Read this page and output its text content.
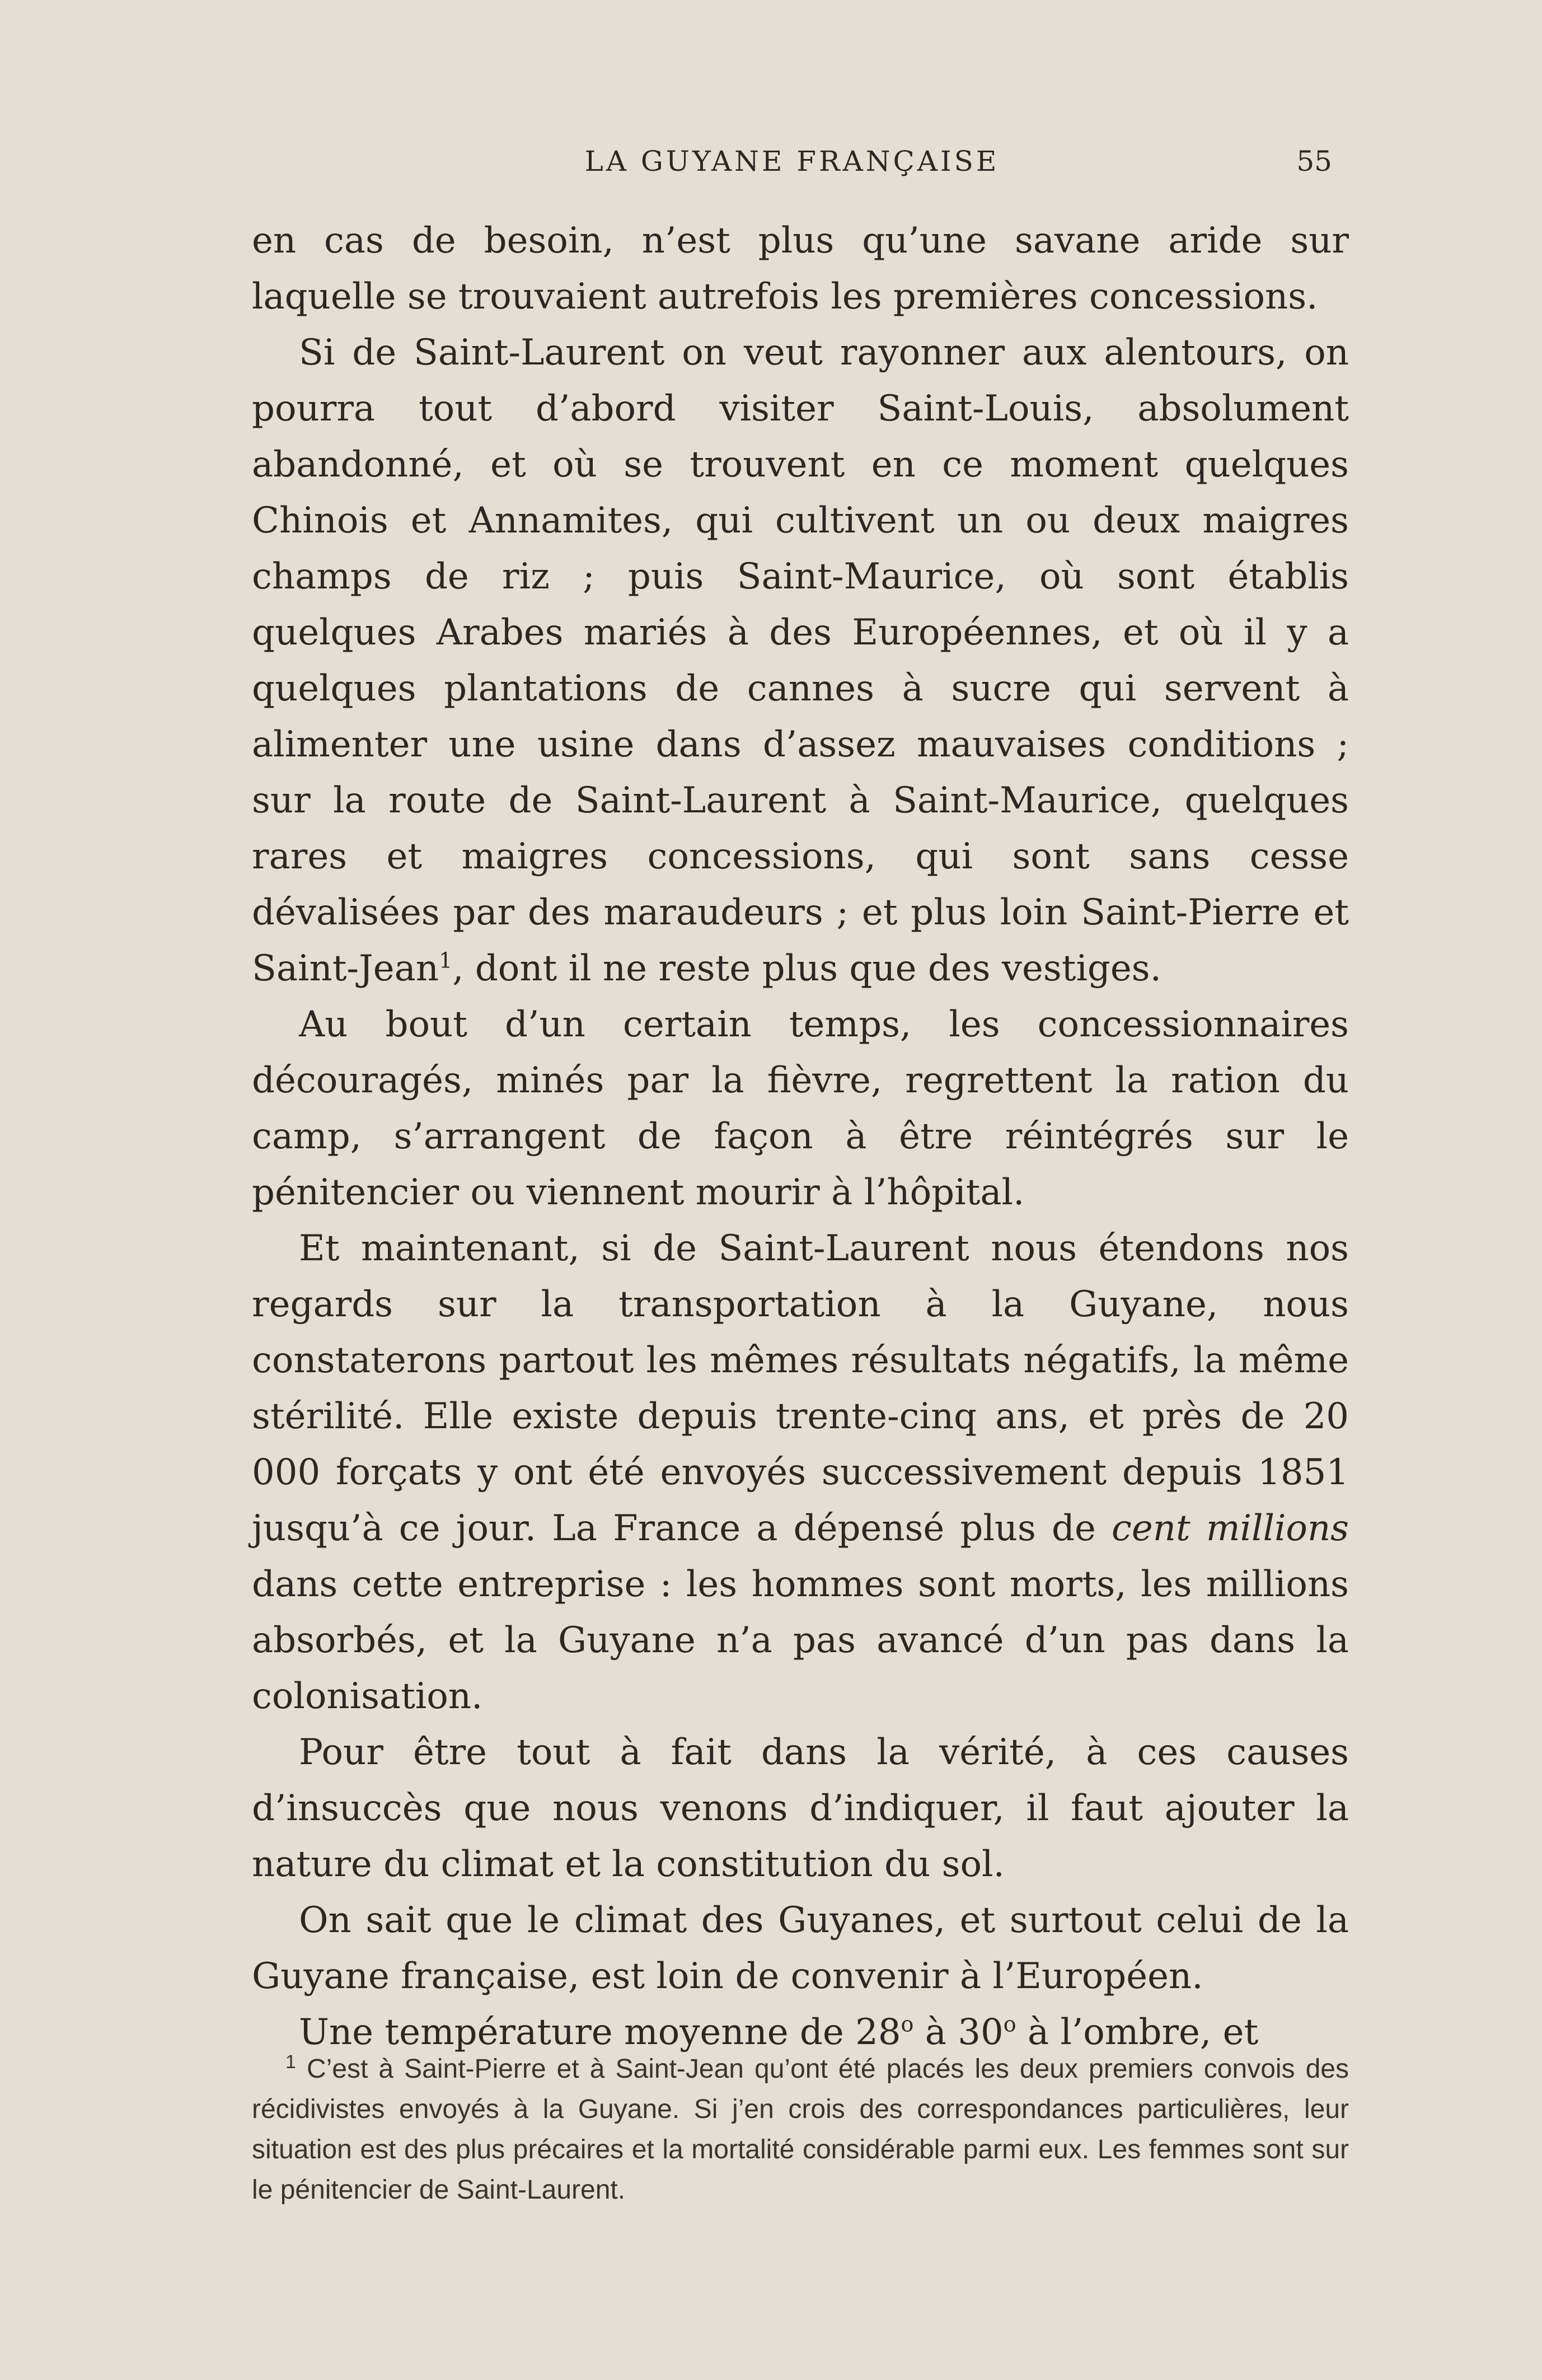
LA GUYANE FRANÇAISE	55

en cas de besoin, n’est plus qu’une savane aride sur laquelle se trouvaient autrefois les premières concessions.

Si de Saint-Laurent on veut rayonner aux alentours, on pourra tout d’abord visiter Saint-Louis, absolument abandonné, et où se trouvent en ce moment quelques Chinois et Annamites, qui cultivent un ou deux maigres champs de riz ; puis Saint-Maurice, où sont établis quelques Arabes mariés à des Européennes, et où il y a quelques plantations de cannes à sucre qui servent à alimenter une usine dans d’assez mauvaises conditions ; sur la route de Saint-Laurent à Saint-Maurice, quelques rares et maigres concessions, qui sont sans cesse dévalisées par des maraudeurs ; et plus loin Saint-Pierre et Saint-Jean$^1$, dont il ne reste plus que des vestiges.

Au bout d’un certain temps, les concessionnaires découragés, minés par la fièvre, regrettent la ration du camp, s’arrangent de façon à être réintégrés sur le pénitencier ou viennent mourir à l’hôpital.

Et maintenant, si de Saint-Laurent nous étendons nos regards sur la transportation à la Guyane, nous constaterons partout les mêmes résultats négatifs, la même stérilité. Elle existe depuis trente-cinq ans, et près de 20 000 forçats y ont été envoyés successivement depuis 1851 jusqu’à ce jour. La France a dépensé plus de cent millions dans cette entreprise : les hommes sont morts, les millions absorbés, et la Guyane n’a pas avancé d’un pas dans la colonisation.

Pour être tout à fait dans la vérité, à ces causes d’insuccès que nous venons d’indiquer, il faut ajouter la nature du climat et la constitution du sol.

On sait que le climat des Guyanes, et surtout celui de la Guyane française, est loin de convenir à l’Européen.

Une température moyenne de 28$^o$ à 30$^o$ à l’ombre, et

$^1$ C’est à Saint-Pierre et à Saint-Jean qu’ont été placés les deux premiers convois des récidivistes envoyés à la Guyane. Si j’en crois des correspondances particulières, leur situation est des plus précaires et la mortalité considérable parmi eux. Les femmes sont sur le pénitencier de Saint-Laurent.
